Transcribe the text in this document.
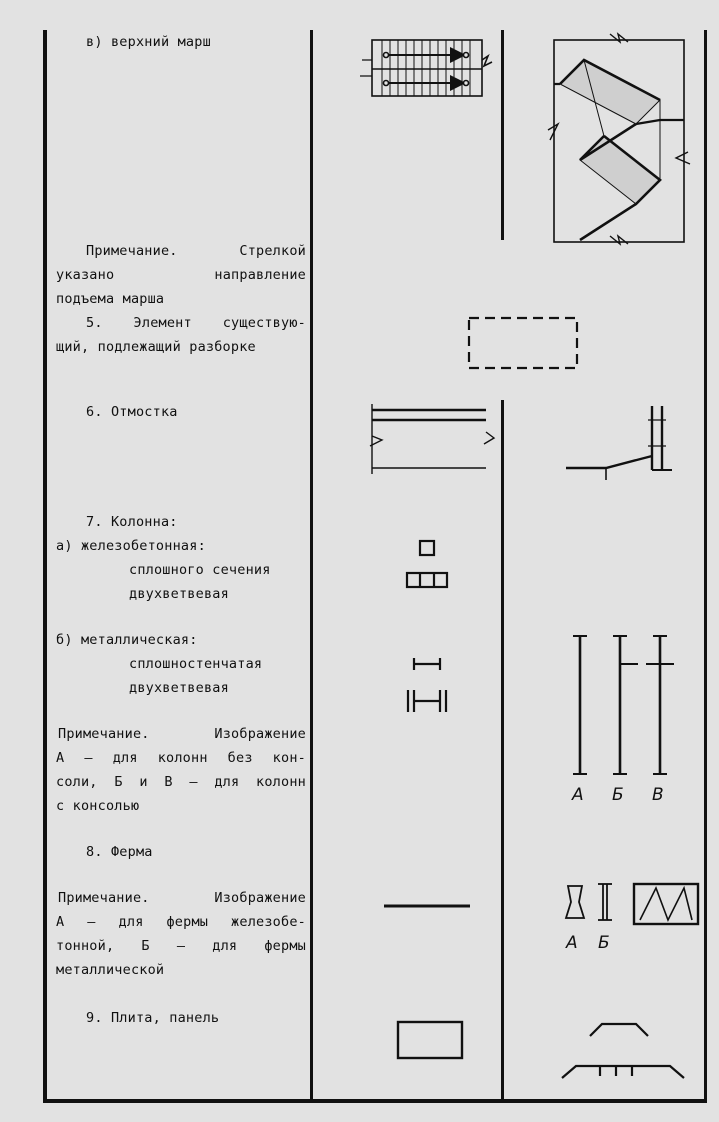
в) верхний марш
Примечание. Стрелкой
указано направление
подъема марша
5. Элемент существую-
щий, подлежащий разборке
6. Отмостка
7. Колонна:
а) железобетонная:
сплошного сечения
двухветвевая
б) металлическая:
сплошностенчатая
двухветвевая
Примечание. Изображение
А — для колонн без кон-
соли, Б и В — для колонн
с консолью
8. Ферма
Примечание. Изображение
А — для фермы железобе-
тонной, Б — для фермы
металлической
9. Плита, панель
А Б В
А Б
